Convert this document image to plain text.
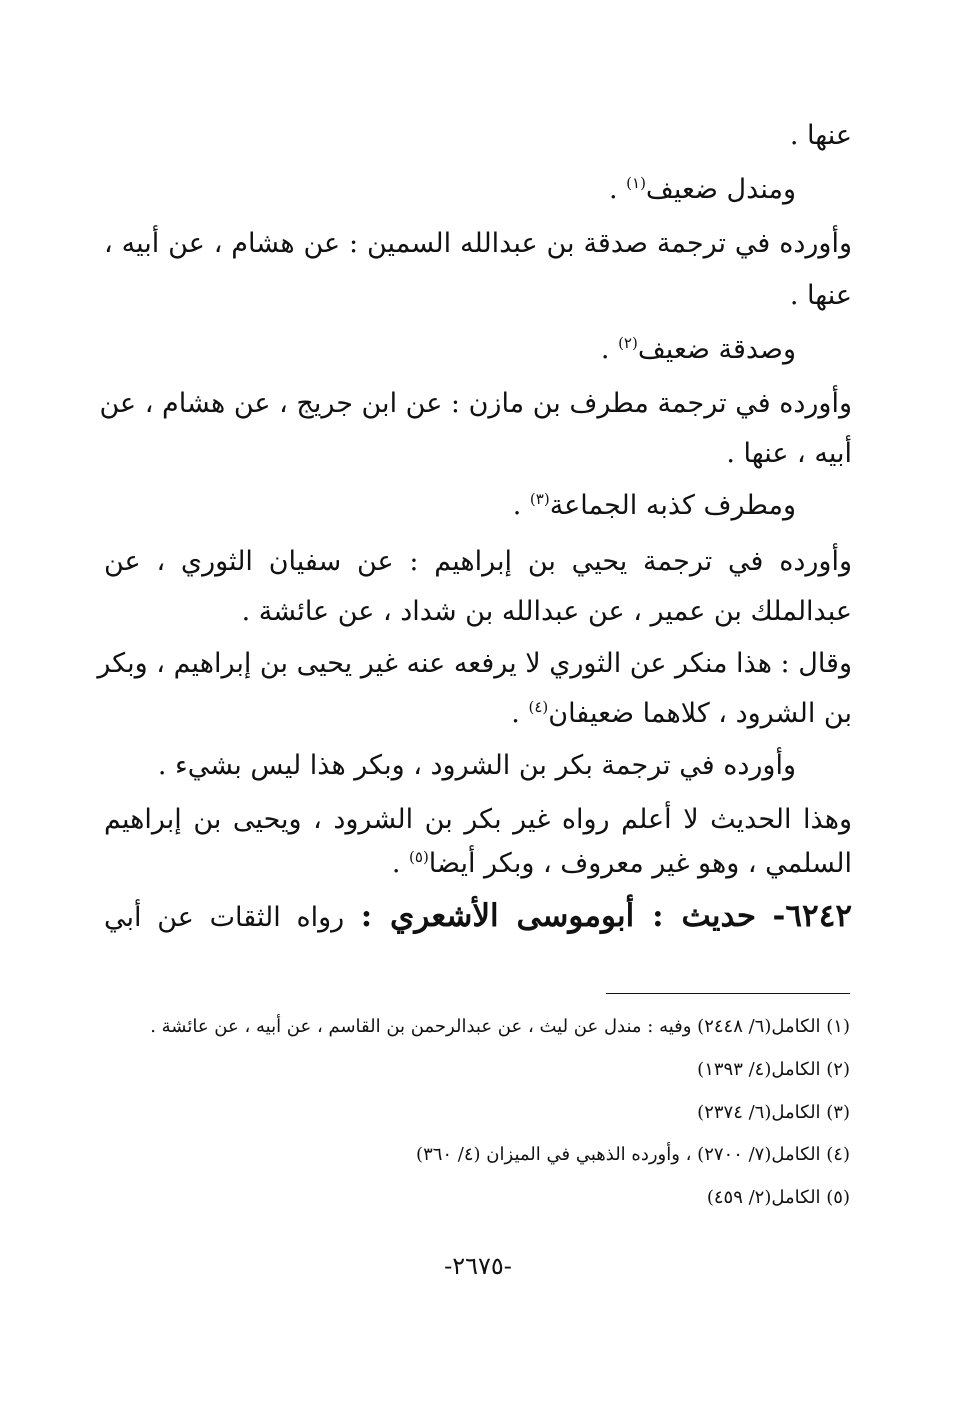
عنها .
ومندل ضعيف$^{(١)}$ .
وأورده في ترجمة صدقة بن عبدالله السمين : عن هشام ، عن أبيه ،
عنها .
وصدقة ضعيف$^{(٢)}$ .
وأورده في ترجمة مطرف بن مازن : عن ابن جريج ، عن هشام ، عن
أبيه ، عنها .
ومطرف كذبه الجماعة$^{(٣)}$ .
وأورده في ترجمة يحيي بن إبراهيم : عن سفيان الثوري ، عن
عبدالملك بن عمير ، عن عبدالله بن شداد ، عن عائشة .
وقال : هذا منكر عن الثوري لا يرفعه عنه غير يحيى بن إبراهيم ، وبكر
بن الشرود ، كلاهما ضعيفان$^{(٤)}$ .
وأورده في ترجمة بكر بن الشرود ، وبكر هذا ليس بشيء .
وهذا الحديث لا أعلم رواه غير بكر بن الشرود ، ويحيى بن إبراهيم
السلمي ، وهو غير معروف ، وبكر أيضا$^{(٥)}$ .
٦٢٤٢- حديث : أبوموسى الأشعري : رواه الثقات عن أبي
(١) الكامل(٦/ ٢٤٤٨) وفيه : مندل عن ليث ، عن عبدالرحمن بن القاسم ، عن أبيه ، عن عائشة .
(٢) الكامل(٤/ ١٣٩٣)
(٣) الكامل(٦/ ٢٣٧٤)
(٤) الكامل(٧/ ٢٧٠٠) ، وأورده الذهبي في الميزان (٤/ ٣٦٠)
(٥) الكامل(٢/ ٤٥٩)
-٢٦٧٥-
